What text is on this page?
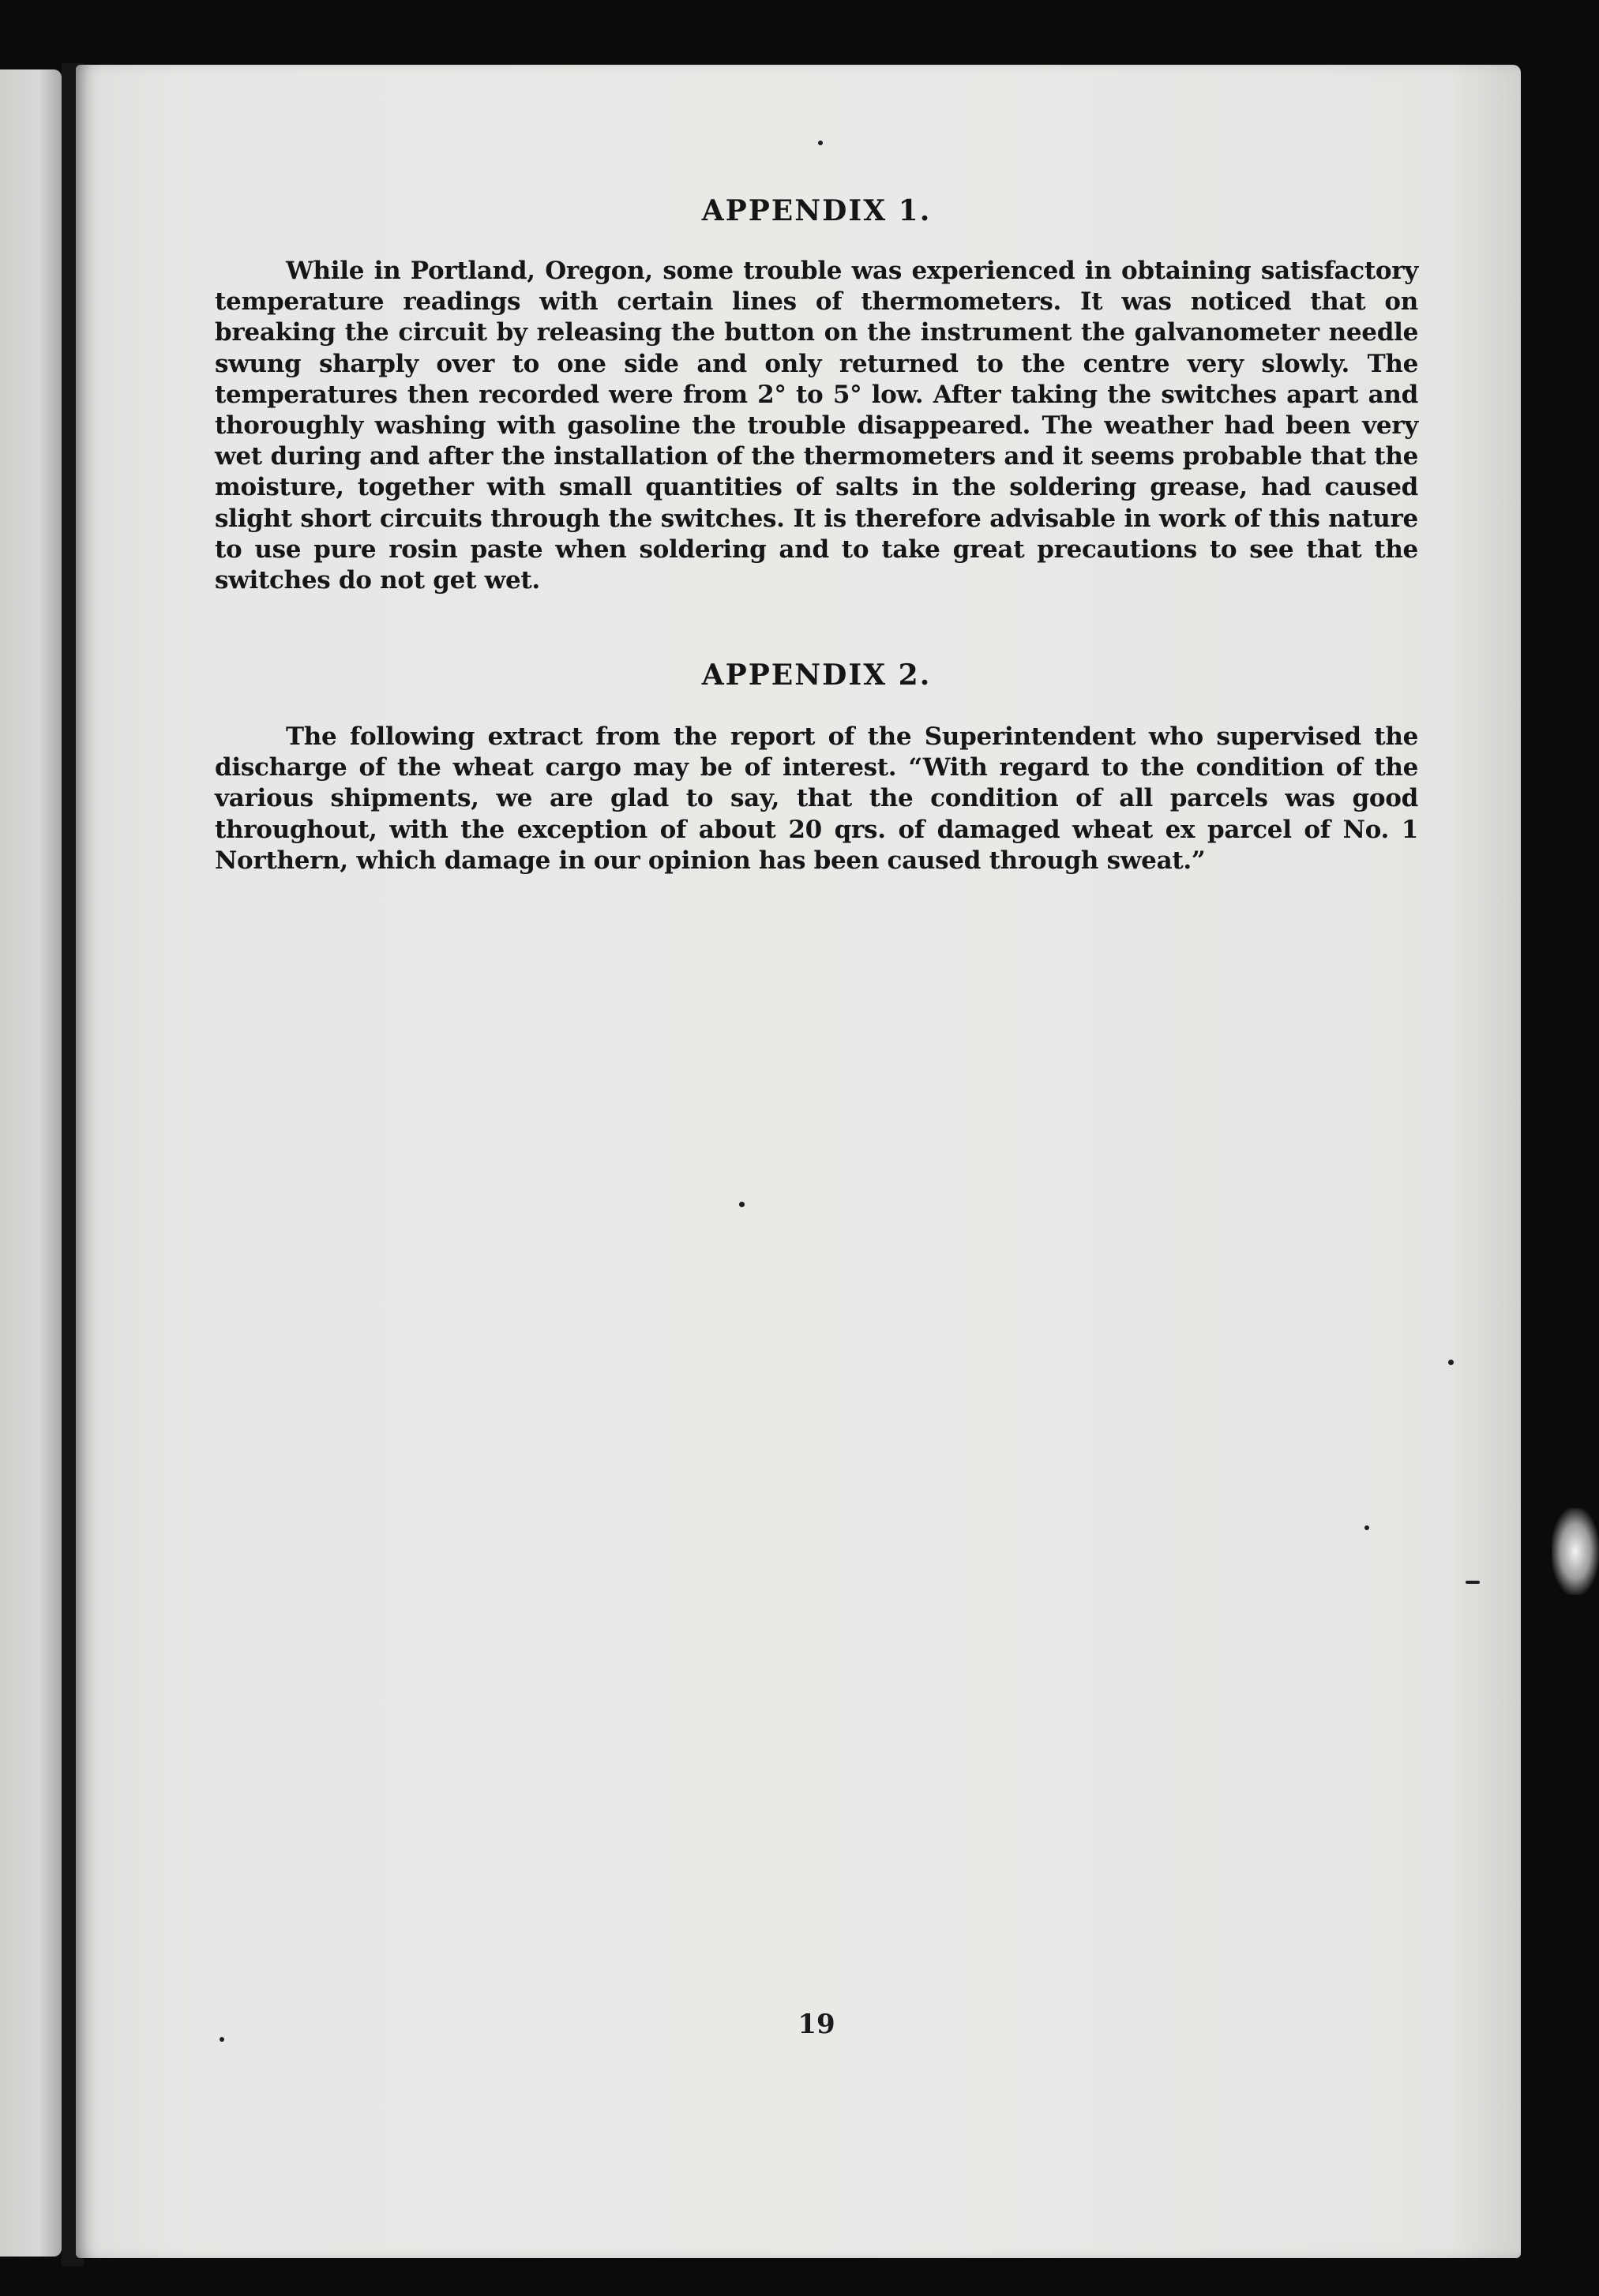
APPENDIX 1.

While in Portland, Oregon, some trouble was experienced in obtaining satisfactory temperature readings with certain lines of thermometers. It was noticed that on breaking the circuit by releasing the button on the instrument the galvanometer needle swung sharply over to one side and only returned to the centre very slowly. The temperatures then recorded were from 2° to 5° low. After taking the switches apart and thoroughly washing with gasoline the trouble disappeared. The weather had been very wet during and after the installation of the thermometers and it seems probable that the moisture, together with small quantities of salts in the soldering grease, had caused slight short circuits through the switches. It is therefore advisable in work of this nature to use pure rosin paste when soldering and to take great precautions to see that the switches do not get wet.

APPENDIX 2.

The following extract from the report of the Superintendent who supervised the discharge of the wheat cargo may be of interest. “With regard to the condition of the various shipments, we are glad to say, that the condition of all parcels was good throughout, with the exception of about 20 qrs. of damaged wheat ex parcel of No. 1 Northern, which damage in our opinion has been caused through sweat.”

19
